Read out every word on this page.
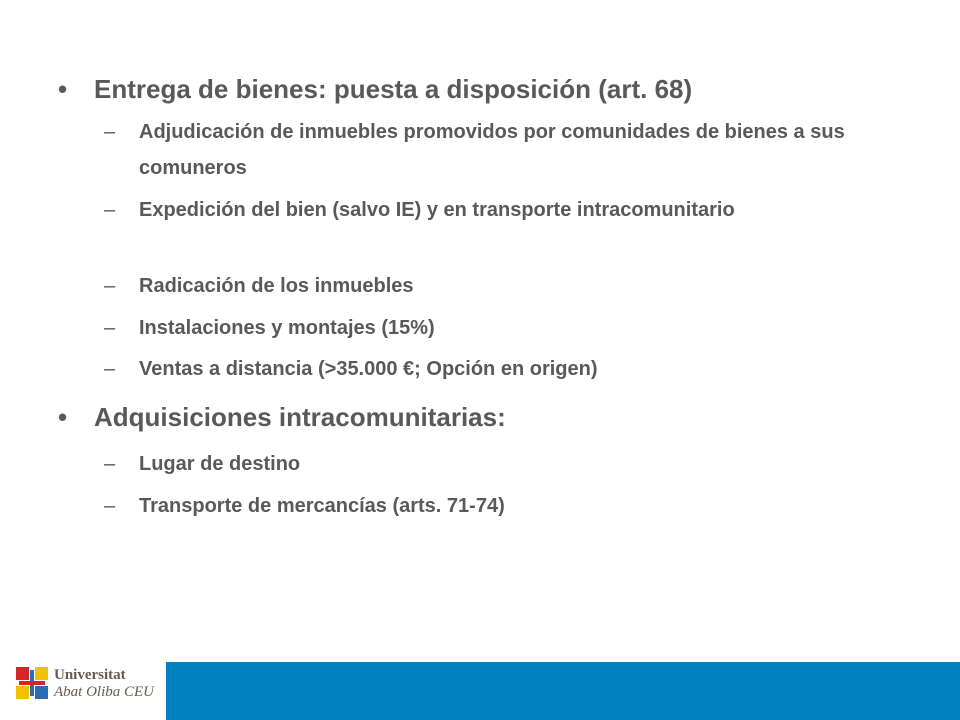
• Entrega de bienes: puesta a disposición (art. 68)
– Adjudicación de inmuebles promovidos por comunidades de bienes a sus comuneros
– Expedición del bien (salvo IE) y en transporte intracomunitario
– Radicación de los inmuebles
– Instalaciones y montajes (15%)
– Ventas a distancia (>35.000 €; Opción en origen)
• Adquisiciones intracomunitarias:
– Lugar de destino
– Transporte de mercancías (arts. 71-74)
Universitat
Abat Oliba CEU
